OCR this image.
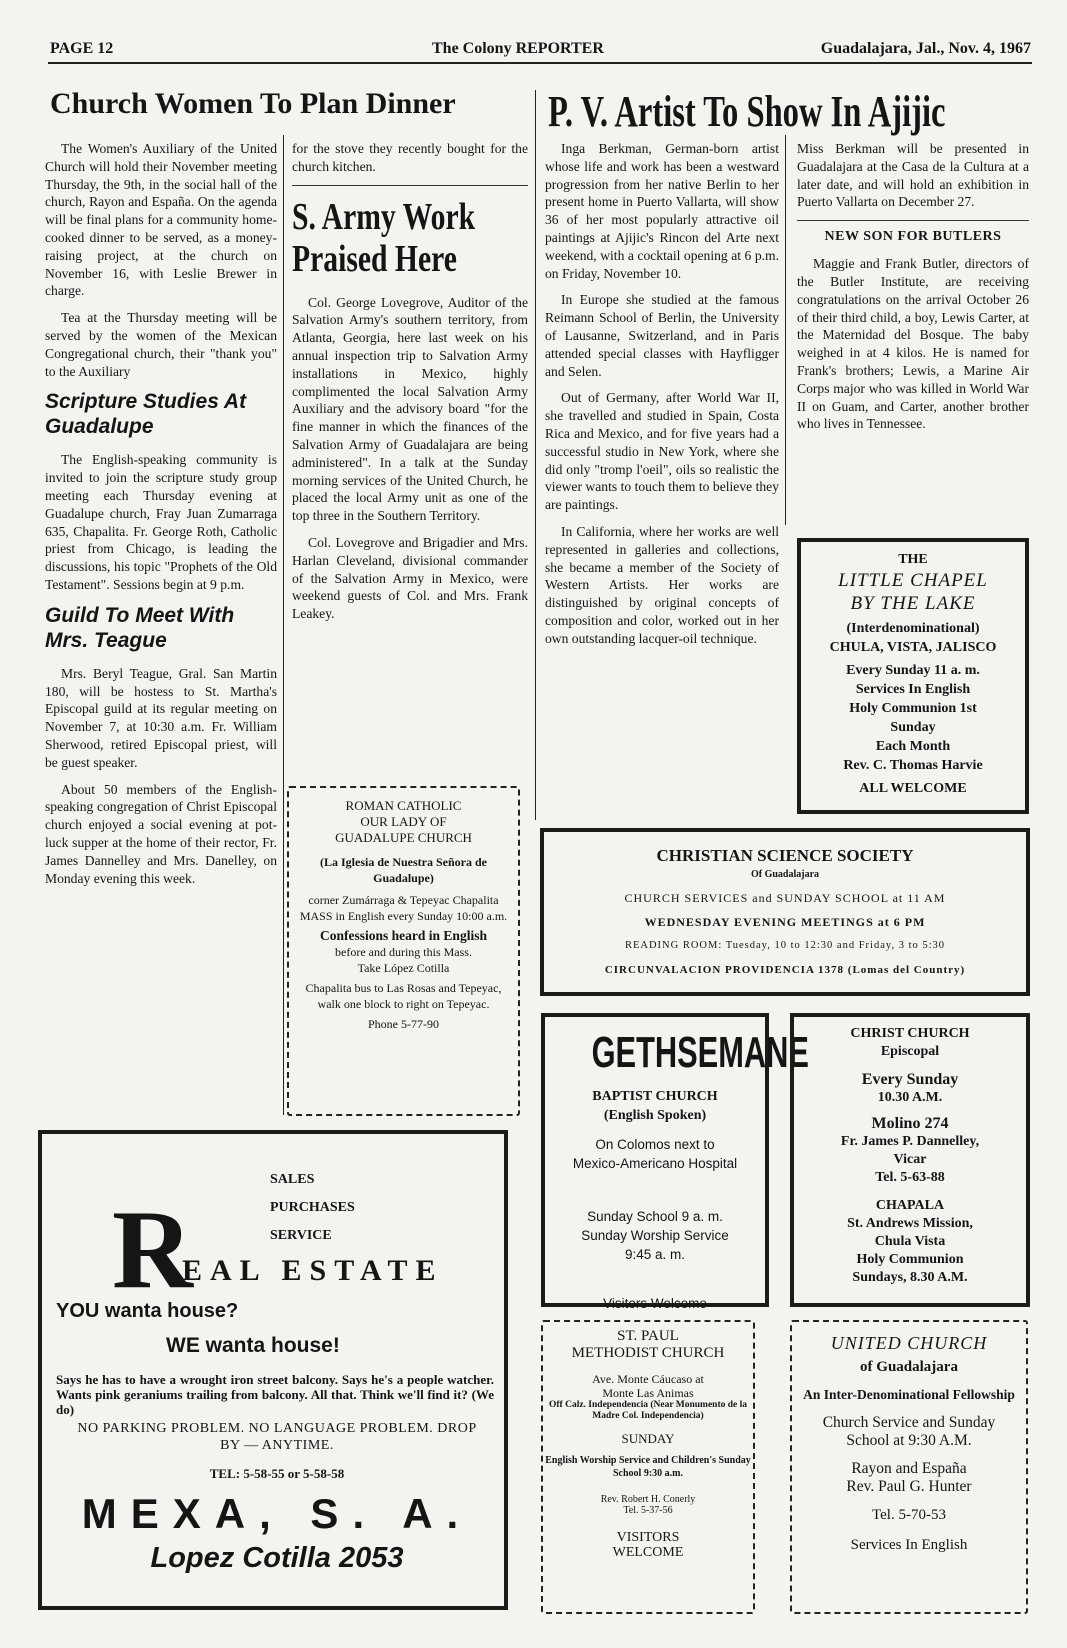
PAGE 12	The Colony REPORTER	Guadalajara, Jal., Nov. 4, 1967
Church Women To Plan Dinner

The Women's Auxiliary of the United Church will hold their November meeting Thursday, the 9th, in the social hall of the church, Rayon and España. On the agenda will be final plans for a community home-cooked dinner to be served, as a money-raising project, at the church on November 16, with Leslie Brewer in charge.

Tea at the Thursday meeting will be served by the women of the Mexican Congregational church, their "thank you" to the Auxiliary

Scripture Studies At Guadalupe

The English-speaking community is invited to join the scripture study group meeting each Thursday evening at Guadalupe church, Fray Juan Zumarraga 635, Chapalita. Fr. George Roth, Catholic priest from Chicago, is leading the discussions, his topic "Prophets of the Old Testament". Sessions begin at 9 p.m.

Guild To Meet With Mrs. Teague

Mrs. Beryl Teague, Gral. San Martin 180, will be hostess to St. Martha's Episcopal guild at its regular meeting on November 7, at 10:30 a.m. Fr. William Sherwood, retired Episcopal priest, will be guest speaker.

About 50 members of the English-speaking congregation of Christ Episcopal church enjoyed a social evening at pot-luck supper at the home of their rector, Fr. James Dannelley and Mrs. Danelley, on Monday evening this week.

for the stove they recently bought for the church kitchen.

S. Army Work Praised Here

Col. George Lovegrove, Auditor of the Salvation Army's southern territory, from Atlanta, Georgia, here last week on his annual inspection trip to Salvation Army installations in Mexico, highly complimented the local Salvation Army Auxiliary and the advisory board "for the fine manner in which the finances of the Salvation Army of Guadalajara are being administered". In a talk at the Sunday morning services of the United Church, he placed the local Army unit as one of the top three in the Southern Territory.

Col. Lovegrove and Brigadier and Mrs. Harlan Cleveland, divisional commander of the Salvation Army in Mexico, were weekend guests of Col. and Mrs. Frank Leakey.

ROMAN CATHOLIC
OUR LADY OF
GUADALUPE CHURCH
(La Iglesia de Nuestra Señora de Guadalupe)
corner Zumárraga & Tepeyac Chapalita
MASS in English every Sunday 10:00 a.m.
Confessions heard in English
before and during this Mass.
Take López Cotilla
Chapalita bus to Las Rosas and Tepeyac, walk one block to right on Tepeyac.
Phone 5-77-90
P. V. Artist To Show In Ajijic

Inga Berkman, German-born artist whose life and work has been a westward progression from her native Berlin to her present home in Puerto Vallarta, will show 36 of her most popularly attractive oil paintings at Ajijic's Rincon del Arte next weekend, with a cocktail opening at 6 p.m. on Friday, November 10.

In Europe she studied at the famous Reimann School of Berlin, the University of Lausanne, Switzerland, and in Paris attended special classes with Hayfligger and Selen.

Out of Germany, after World War II, she travelled and studied in Spain, Costa Rica and Mexico, and for five years had a successful studio in New York, where she did only "tromp l'oeil", oils so realistic the viewer wants to touch them to believe they are paintings.

In California, where her works are well represented in galleries and collections, she became a member of the Society of Western Artists. Her works are distinguished by original concepts of composition and color, worked out in her own outstanding lacquer-oil technique.

Miss Berkman will be presented in Guadalajara at the Casa de la Cultura at a later date, and will hold an exhibition in Puerto Vallarta on December 27.

NEW SON FOR BUTLERS

Maggie and Frank Butler, directors of the Butler Institute, are receiving congratulations on the arrival October 26 of their third child, a boy, Lewis Carter, at the Maternidad del Bosque. The baby weighed in at 4 kilos. He is named for Frank's brothers; Lewis, a Marine Air Corps major who was killed in World War II on Guam, and Carter, another brother who lives in Tennessee.

THE
LITTLE CHAPEL
BY THE LAKE
(Interdenominational)
CHULA, VISTA, JALISCO
Every Sunday 11 a. m.
Services In English
Holy Communion 1st
Sunday
Each Month
Rev. C. Thomas Harvie
ALL WELCOME
CHRISTIAN SCIENCE SOCIETY
Of Guadalajara
CHURCH SERVICES and SUNDAY SCHOOL at 11 AM
WEDNESDAY EVENING MEETINGS at 6 PM
READING ROOM: Tuesday, 10 to 12:30 and Friday, 3 to 5:30
CIRCUNVALACION PROVIDENCIA 1378 (Lomas del Country)
GETHSEMANE
BAPTIST CHURCH
(English Spoken)
On Colomos next to
Mexico-Americano Hospital
Sunday School 9 a. m.
Sunday Worship Service
9:45 a. m.
Visitors Welcome
CHRIST CHURCH
Episcopal
Every Sunday
10.30 A.M.
Molino 274
Fr. James P. Dannelley,
Vicar
Tel. 5-63-88
CHAPALA
St. Andrews Mission,
Chula Vista
Holy Communion
Sundays, 8.30 A.M.
SALES
PURCHASES
SERVICE
R
EAL ESTATE
YOU wanta house?
WE wanta house!
Says he has to have a wrought iron street balcony. Says he's a people watcher. Wants pink geraniums trailing from balcony. All that. Think we'll find it? (We do)
NO PARKING PROBLEM. NO LANGUAGE PROBLEM. DROP BY — ANYTIME.
TEL: 5-58-55 or 5-58-58
MEXA, S. A.
Lopez Cotilla 2053
ST. PAUL
METHODIST CHURCH
Ave. Monte Cáucaso at
Monte Las Animas
Off Calz. Independencia (Near Monumento de la Madre Col. Independencia)
SUNDAY
English Worship Service and Children's Sunday School 9:30 a.m.
Rev. Robert H. Conerly
Tel. 5-37-56
VISITORS
WELCOME
UNITED CHURCH
of Guadalajara
An Inter-Denominational Fellowship
Church Service and Sunday School at 9:30 A.M.
Rayon and España
Rev. Paul G. Hunter
Tel. 5-70-53
Services In English
